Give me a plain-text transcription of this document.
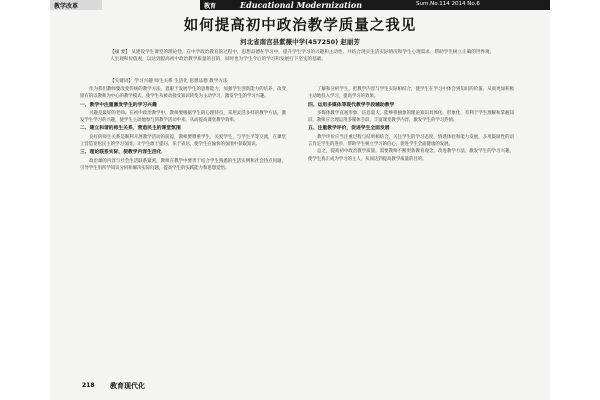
教学改革	教育	Educational Modernization	Sum.No.114 2014 No.6
如何提高初中政治教学质量之我见
河北省南宫县紫薇中学(457250) 赵丽芳
【摘 要】 从建设学生课堂的理论性，在中学政治教育的过程中，思想品德在学习中，提升学生学习的兴趣和主动性，并结合现实生活实际情况和学生心理需求，帮助学生树立正确的世界观、人生观和价值观，以达到提高初中政治教学质量的目的，同时也为学生今后的学习和发展打下坚实的基础。
【关键词】 学习兴趣 师生关系 生活化 思想品德 教学方法

作为我们教师要改变传统的教学方法，着眼于发展学生的思维能力，加强学生创新能力的培养，改变原有的以教师为中心的教学模式，使学生从被动接受知识转变为主动学习，激发学生的学习兴趣。

一、教学中注重激发学生的学习兴趣

兴趣是最好的老师。在初中政治教学中，教师要根据学生的心理特点，采用灵活多样的教学方法，激发学生学习的兴趣，使学生主动地参与到教学活动中来，从而提高课堂教学效率。

二、建立和谐的师生关系，营造民主的课堂氛围

良好的师生关系是顺利开展教学活动的前提，教师要尊重学生、关爱学生，与学生平等交流，在课堂上营造宽松民主的学习氛围，让学生敢于提问、乐于表达，使学生在愉快的氛围中获取知识。

三、理论联系实际，使教学内容生活化

政治课的内容与社会生活联系紧密，教师在教学中要善于结合学生熟悉的生活实例和社会热点问题，引导学生用所学知识分析和解决实际问题，提高学生的实践能力和思想觉悟。

了解和分析学生，把教学内容与学生实际相结合，使学生在学习中体会到知识的价值，从而更加积极主动地投入学习，提高学习的效果。

四、运用多媒体等现代教学手段辅助教学

多媒体教学直观形象、信息量大，能够将抽象的理论知识具体化、形象化，有利于学生理解和掌握知识，教师应合理运用多媒体手段，丰富课堂教学内容，激发学生的学习热情。

五、注重教学评价，促进学生全面发展

教学评价应当注重过程与结果相结合，关注学生的学习态度、情感体验和能力发展，多用鼓励性的语言肯定学生的进步，帮助学生树立学习的信心，促进学生全面健康的发展。

总之，提高初中政治教学质量，需要教师不断更新教育观念，改进教学方法，激发学生的学习兴趣，使学生真正成为学习的主人，从而达到提高教学质量的目的。

218 教育现代化
